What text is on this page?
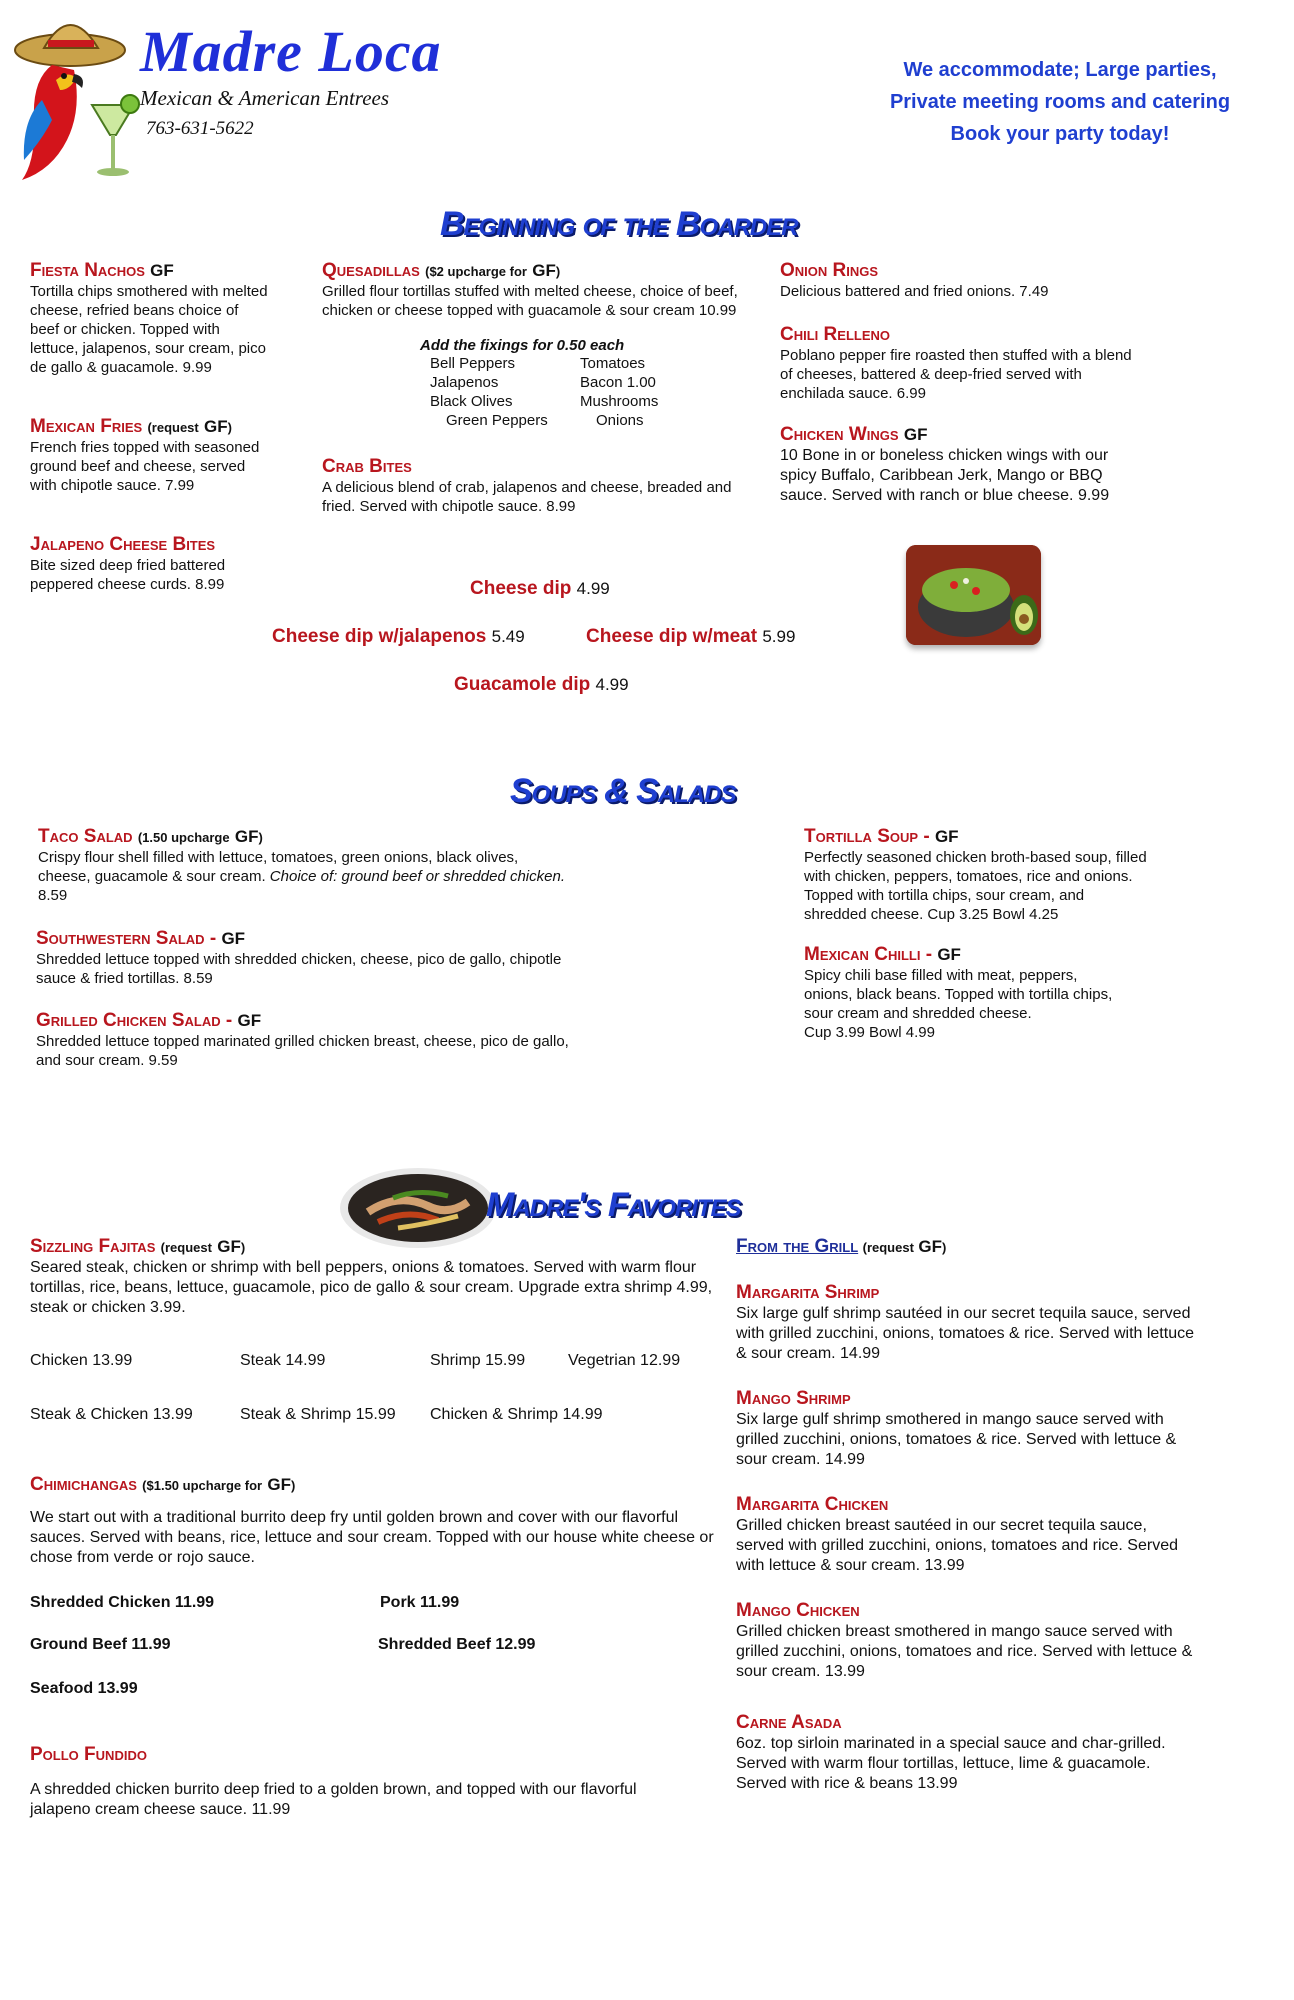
Madre Loca
Mexican & American Entrees
763-631-5622
We accommodate; Large parties,
Private meeting rooms and catering
Book your party today!
Beginning of the Boarder
Fiesta Nachos GF
Tortilla chips smothered with melted cheese, refried beans choice of beef or chicken. Topped with lettuce, jalapenos, sour cream, pico de gallo & guacamole. 9.99
Mexican Fries (request GF)
French fries topped with seasoned ground beef and cheese, served with chipotle sauce. 7.99
Jalapeno Cheese Bites
Bite sized deep fried battered peppered cheese curds. 8.99
Quesadillas ($2 upcharge for GF)
Grilled flour tortillas stuffed with melted cheese, choice of beef, chicken or cheese topped with guacamole & sour cream 10.99
Add the fixings for 0.50 each
Bell Peppers	Tomatoes
Jalapenos	Bacon 1.00
Black Olives	Mushrooms
Green Peppers	Onions
Crab Bites
A delicious blend of crab, jalapenos and cheese, breaded and fried. Served with chipotle sauce. 8.99
Onion Rings
Delicious battered and fried onions. 7.49
Chili Relleno
Poblano pepper fire roasted then stuffed with a blend of cheeses, battered & deep-fried served with enchilada sauce. 6.99
Chicken Wings GF
10 Bone in or boneless chicken wings with our spicy Buffalo, Caribbean Jerk, Mango or BBQ sauce. Served with ranch or blue cheese. 9.99
Cheese dip 4.99
Cheese dip w/jalapenos 5.49	Cheese dip w/meat 5.99
Guacamole dip 4.99
Soups & Salads
Taco Salad (1.50 upcharge GF)
Crispy flour shell filled with lettuce, tomatoes, green onions, black olives, cheese, guacamole & sour cream. Choice of: ground beef or shredded chicken. 8.59
Southwestern Salad - GF
Shredded lettuce topped with shredded chicken, cheese, pico de gallo, chipotle sauce & fried tortillas. 8.59
Grilled Chicken Salad - GF
Shredded lettuce topped marinated grilled chicken breast, cheese, pico de gallo, and sour cream. 9.59
Tortilla Soup - GF
Perfectly seasoned chicken broth-based soup, filled with chicken, peppers, tomatoes, rice and onions. Topped with tortilla chips, sour cream, and shredded cheese. Cup 3.25 Bowl 4.25
Mexican Chilli - GF
Spicy chili base filled with meat, peppers, onions, black beans. Topped with tortilla chips, sour cream and shredded cheese.
Cup 3.99 Bowl 4.99
Madre's Favorites
Sizzling Fajitas (request GF)
Seared steak, chicken or shrimp with bell peppers, onions & tomatoes. Served with warm flour tortillas, rice, beans, lettuce, guacamole, pico de gallo & sour cream. Upgrade extra shrimp 4.99, steak or chicken 3.99.
Chicken 13.99	Steak 14.99	Shrimp 15.99	Vegetrian 12.99
Steak & Chicken 13.99	Steak & Shrimp 15.99 Chicken & Shrimp 14.99
Chimichangas ($1.50 upcharge for GF)
We start out with a traditional burrito deep fry until golden brown and cover with our flavorful sauces. Served with beans, rice, lettuce and sour cream. Topped with our house white cheese or chose from verde or rojo sauce.
Shredded Chicken 11.99	Pork 11.99
Ground Beef 11.99	Shredded Beef 12.99
Seafood 13.99
Pollo Fundido
A shredded chicken burrito deep fried to a golden brown, and topped with our flavorful jalapeno cream cheese sauce. 11.99
From the Grill (request GF)
Margarita Shrimp
Six large gulf shrimp sautéed in our secret tequila sauce, served with grilled zucchini, onions, tomatoes & rice. Served with lettuce & sour cream. 14.99
Mango Shrimp
Six large gulf shrimp smothered in mango sauce served with grilled zucchini, onions, tomatoes & rice. Served with lettuce & sour cream. 14.99
Margarita Chicken
Grilled chicken breast sautéed in our secret tequila sauce, served with grilled zucchini, onions, tomatoes and rice. Served with lettuce & sour cream. 13.99
Mango Chicken
Grilled chicken breast smothered in mango sauce served with grilled zucchini, onions, tomatoes and rice. Served with lettuce & sour cream. 13.99
Carne Asada
6oz. top sirloin marinated in a special sauce and char-grilled. Served with warm flour tortillas, lettuce, lime & guacamole. Served with rice & beans 13.99
